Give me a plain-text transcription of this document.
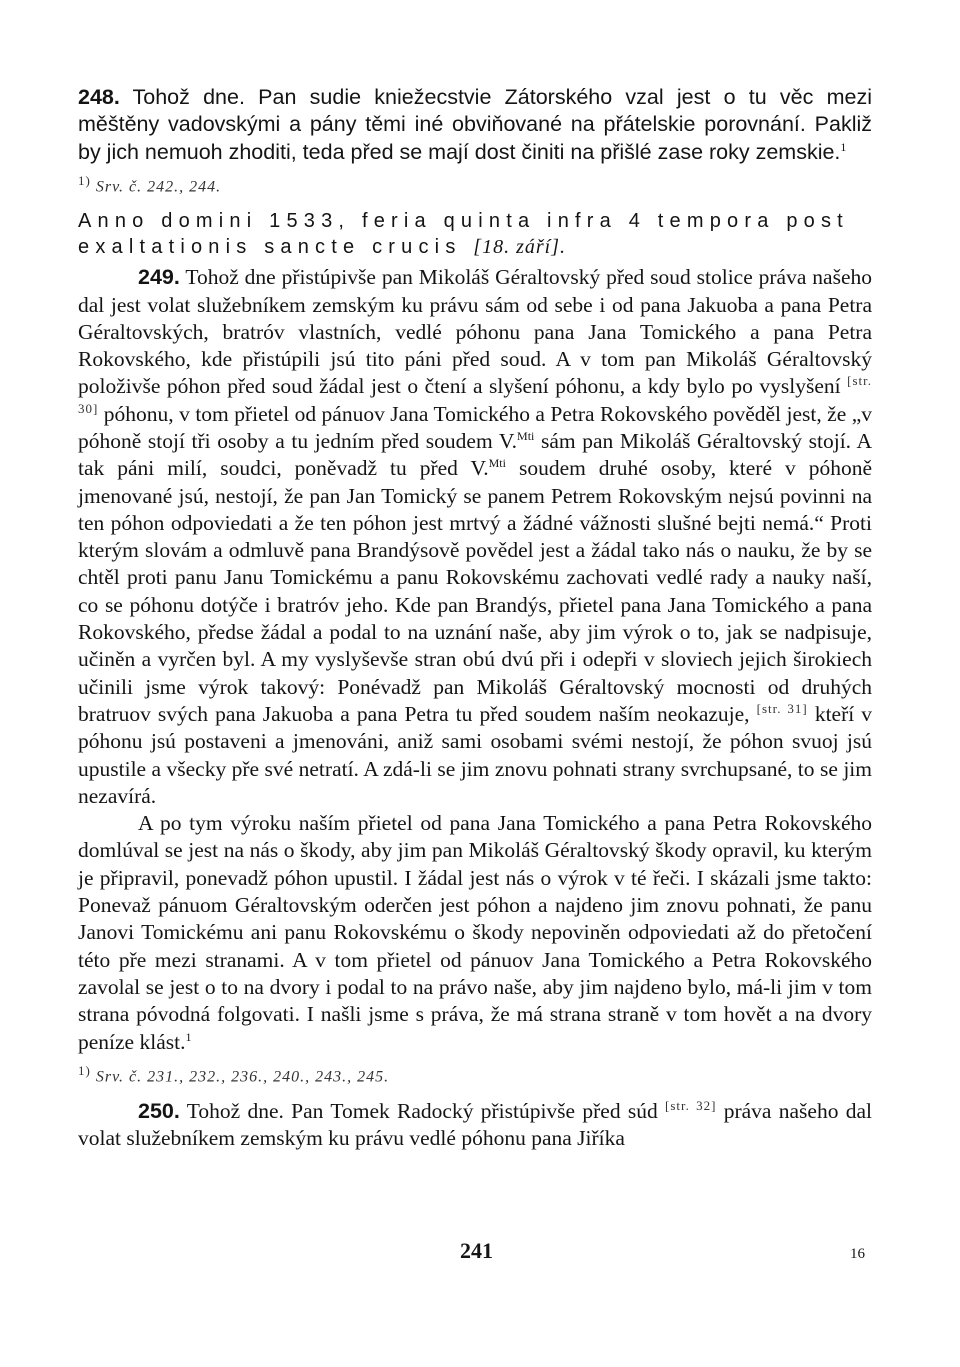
248. Tohož dne. Pan sudie kniežecstvie Zátorského vzal jest o tu věc mezi měštěny vadovskými a pány těmi iné obviňované na přátelskie porovnání. Pakliž by jich nemuoh zhoditi, teda před se mají dost činiti na přišlé zase roky zemskie.$^1$

$^{1)}$ Srv. č. 242., 244.

Anno domini 1533, feria quinta infra 4 tempora post exaltationis sancte crucis [18. září].

249. Tohož dne přistúpivše pan Mikoláš Géraltovský před soud stolice práva našeho dal jest volat služebníkem zemským ku právu sám od sebe i od pana Jakuoba a pana Petra Géraltovských, bratróv vlastních, vedlé póhonu pana Jana Tomického a pana Petra Rokovského, kde přistúpili jsú tito páni před soud. A v tom pan Mikoláš Géraltovský položivše póhon před soud žádal jest o čtení a slyšení póhonu, a kdy bylo po vyslyšení [str. 30] póhonu, v tom přietel od pánuov Jana Tomického a Petra Rokovského pověděl jest, že „v póhoně stojí tři osoby a tu jedním před soudem V.$^{Mti}$ sám pan Mikoláš Géraltovský stojí. A tak páni milí, soudci, poněvadž tu před V.$^{Mti}$ soudem druhé osoby, které v póhoně jmenované jsú, nestojí, že pan Jan Tomický se panem Petrem Rokovským nejsú povinni na ten póhon odpoviedati a že ten póhon jest mrtvý a žádné vážnosti slušné bejti nemá.“ Proti kterým slovám a odmluvě pana Brandýsově povědel jest a žádal tako nás o nauku, že by se chtěl proti panu Janu Tomickému a panu Rokovskému zachovati vedlé rady a nauky naší, co se póhonu dotýče i bratróv jeho. Kde pan Brandýs, přietel pana Jana Tomického a pana Rokovského, předse žádal a podal to na uznání naše, aby jim výrok o to, jak se nadpisuje, učiněn a vyrčen byl. A my vyslyševše stran obú dvú při i odepři v sloviech jejich širokiech učinili jsme výrok takový: Ponévadž pan Mikoláš Géraltovský mocnosti od druhých bratruov svých pana Jakuoba a pana Petra tu před soudem naším neokazuje, [str. 31] kteří v póhonu jsú postaveni a jmenováni, aniž sami osobami svémi nestojí, že póhon svuoj jsú upustile a všecky pře své netratí. A zdá-li se jim znovu pohnati strany svrchupsané, to se jim nezavírá.

A po tym výroku naším přietel od pana Jana Tomického a pana Petra Rokovského domlúval se jest na nás o škody, aby jim pan Mikoláš Géraltovský škody opravil, ku kterým je připravil, ponevadž póhon upustil. I žádal jest nás o výrok v té řeči. I skázali jsme takto: Ponevaž pánuom Géraltovským oderčen jest póhon a najdeno jim znovu pohnati, že panu Janovi Tomickému ani panu Rokovskému o škody nepoviněn odpoviedati až do přetočení této pře mezi stranami. A v tom přietel od pánuov Jana Tomického a Petra Rokovského zavolal se jest o to na dvory i podal to na právo naše, aby jim najdeno bylo, má-li jim v tom strana póvodná folgovati. I našli jsme s práva, že má strana straně v tom hovět a na dvory peníze klást.$^1$

$^{1)}$ Srv. č. 231., 232., 236., 240., 243., 245.

250. Tohož dne. Pan Tomek Radocký přistúpivše před súd [str. 32] práva našeho dal volat služebníkem zemským ku právu vedlé póhonu pana Jiříka

241	16
